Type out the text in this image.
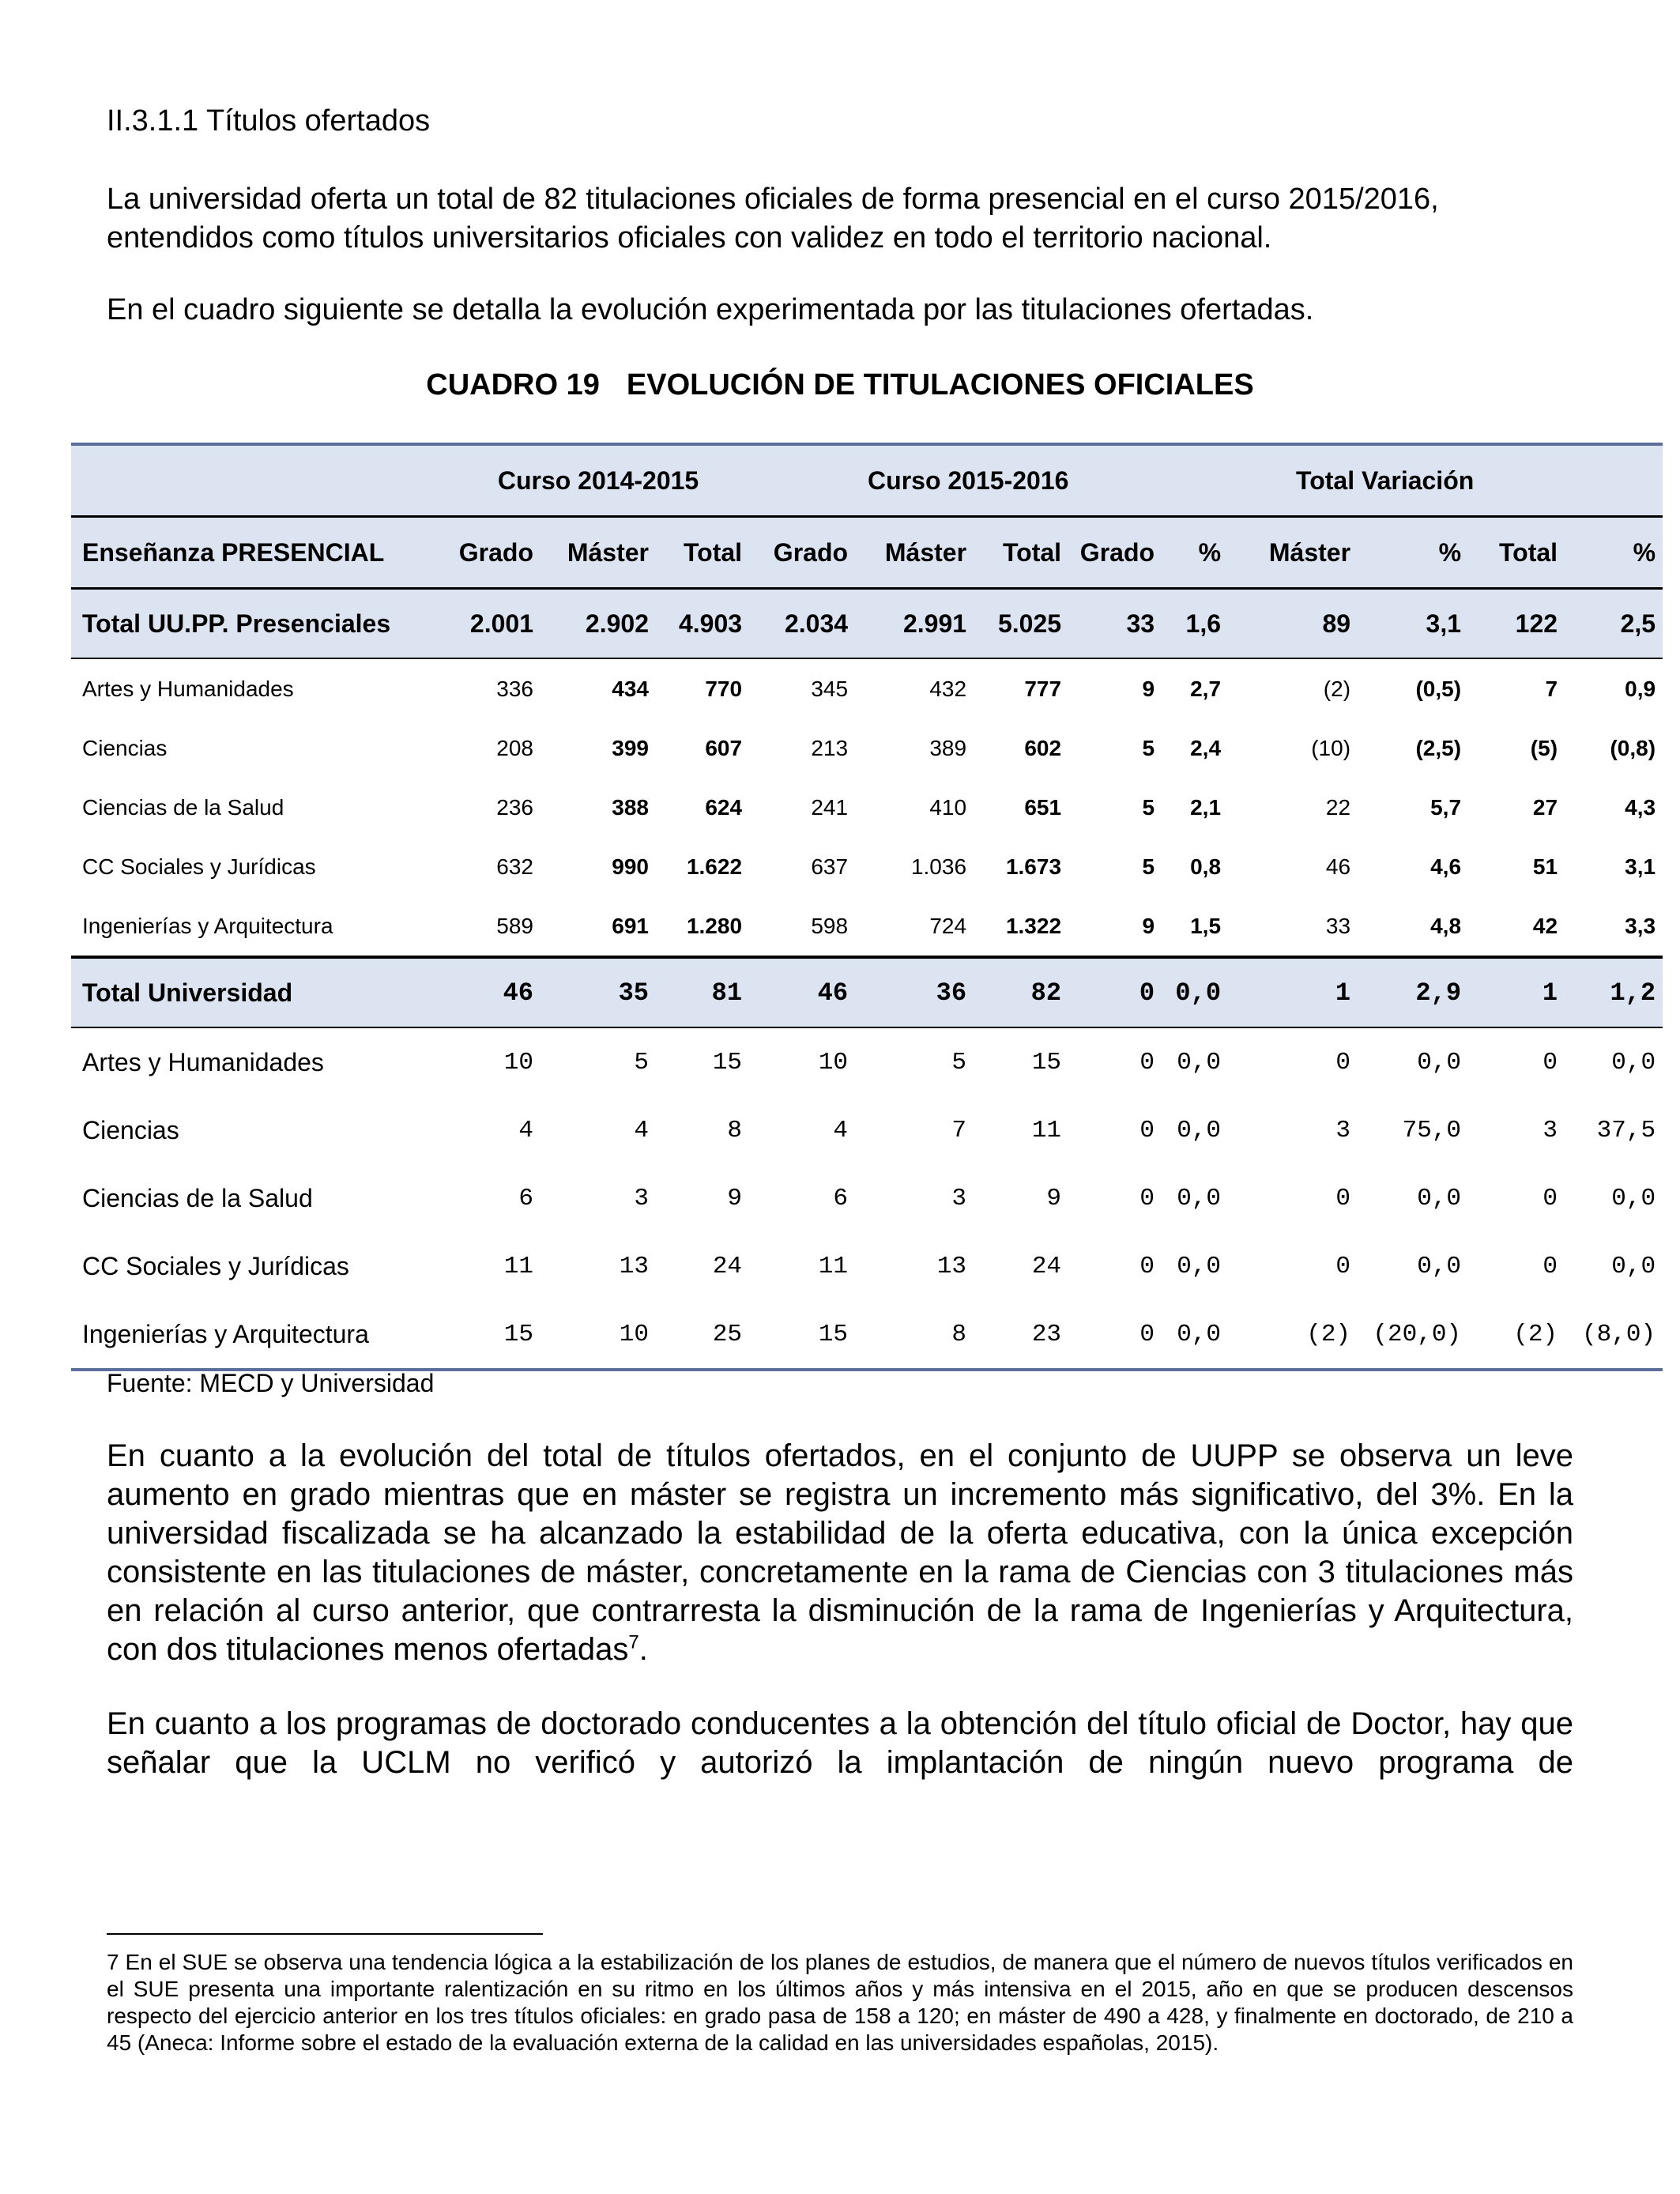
II.3.1.1 Títulos ofertados
La universidad oferta un total de 82 titulaciones oficiales de forma presencial en el curso 2015/2016, entendidos como títulos universitarios oficiales con validez en todo el territorio nacional.
En el cuadro siguiente se detalla la evolución experimentada por las titulaciones ofertadas.
CUADRO 19 EVOLUCIÓN DE TITULACIONES OFICIALES
	Curso 2014-2015			Curso 2015-2016				Total Variación				
Enseñanza PRESENCIAL	Grado	Máster	Total	Grado	Máster	Total	Grado	%	Máster	%	Total	%
Total UU.PP. Presenciales	2.001	2.902	4.903	2.034	2.991	5.025	33	1,6	89	3,1	122	2,5
Artes y Humanidades	336	434	770	345	432	777	9	2,7	(2)	(0,5)	7	0,9
Ciencias	208	399	607	213	389	602	5	2,4	(10)	(2,5)	(5)	(0,8)
Ciencias de la Salud	236	388	624	241	410	651	5	2,1	22	5,7	27	4,3
CC Sociales y Jurídicas	632	990	1.622	637	1.036	1.673	5	0,8	46	4,6	51	3,1
Ingenierías y Arquitectura	589	691	1.280	598	724	1.322	9	1,5	33	4,8	42	3,3
Total Universidad	46	35	81	46	36	82	0	0,0	1	2,9	1	1,2
Artes y Humanidades	10	5	15	10	5	15	0	0,0	0	0,0	0	0,0
Ciencias	4	4	8	4	7	11	0	0,0	3	75,0	3	37,5
Ciencias de la Salud	6	3	9	6	3	9	0	0,0	0	0,0	0	0,0
CC Sociales y Jurídicas	11	13	24	11	13	24	0	0,0	0	0,0	0	0,0
Ingenierías y Arquitectura	15	10	25	15	8	23	0	0,0	(2)	(20,0)	(2)	(8,0)
Fuente: MECD y Universidad
En cuanto a la evolución del total de títulos ofertados, en el conjunto de UUPP se observa un leve aumento en grado mientras que en máster se registra un incremento más significativo, del 3%. En la universidad fiscalizada se ha alcanzado la estabilidad de la oferta educativa, con la única excepción consistente en las titulaciones de máster, concretamente en la rama de Ciencias con 3 titulaciones más en relación al curso anterior, que contrarresta la disminución de la rama de Ingenierías y Arquitectura, con dos titulaciones menos ofertadas$^7$.
En cuanto a los programas de doctorado conducentes a la obtención del título oficial de Doctor, hay que señalar que la UCLM no verificó y autorizó la implantación de ningún nuevo programa de
7 En el SUE se observa una tendencia lógica a la estabilización de los planes de estudios, de manera que el número de nuevos títulos verificados en el SUE presenta una importante ralentización en su ritmo en los últimos años y más intensiva en el 2015, año en que se producen descensos respecto del ejercicio anterior en los tres títulos oficiales: en grado pasa de 158 a 120; en máster de 490 a 428, y finalmente en doctorado, de 210 a 45 (Aneca: Informe sobre el estado de la evaluación externa de la calidad en las universidades españolas, 2015).
